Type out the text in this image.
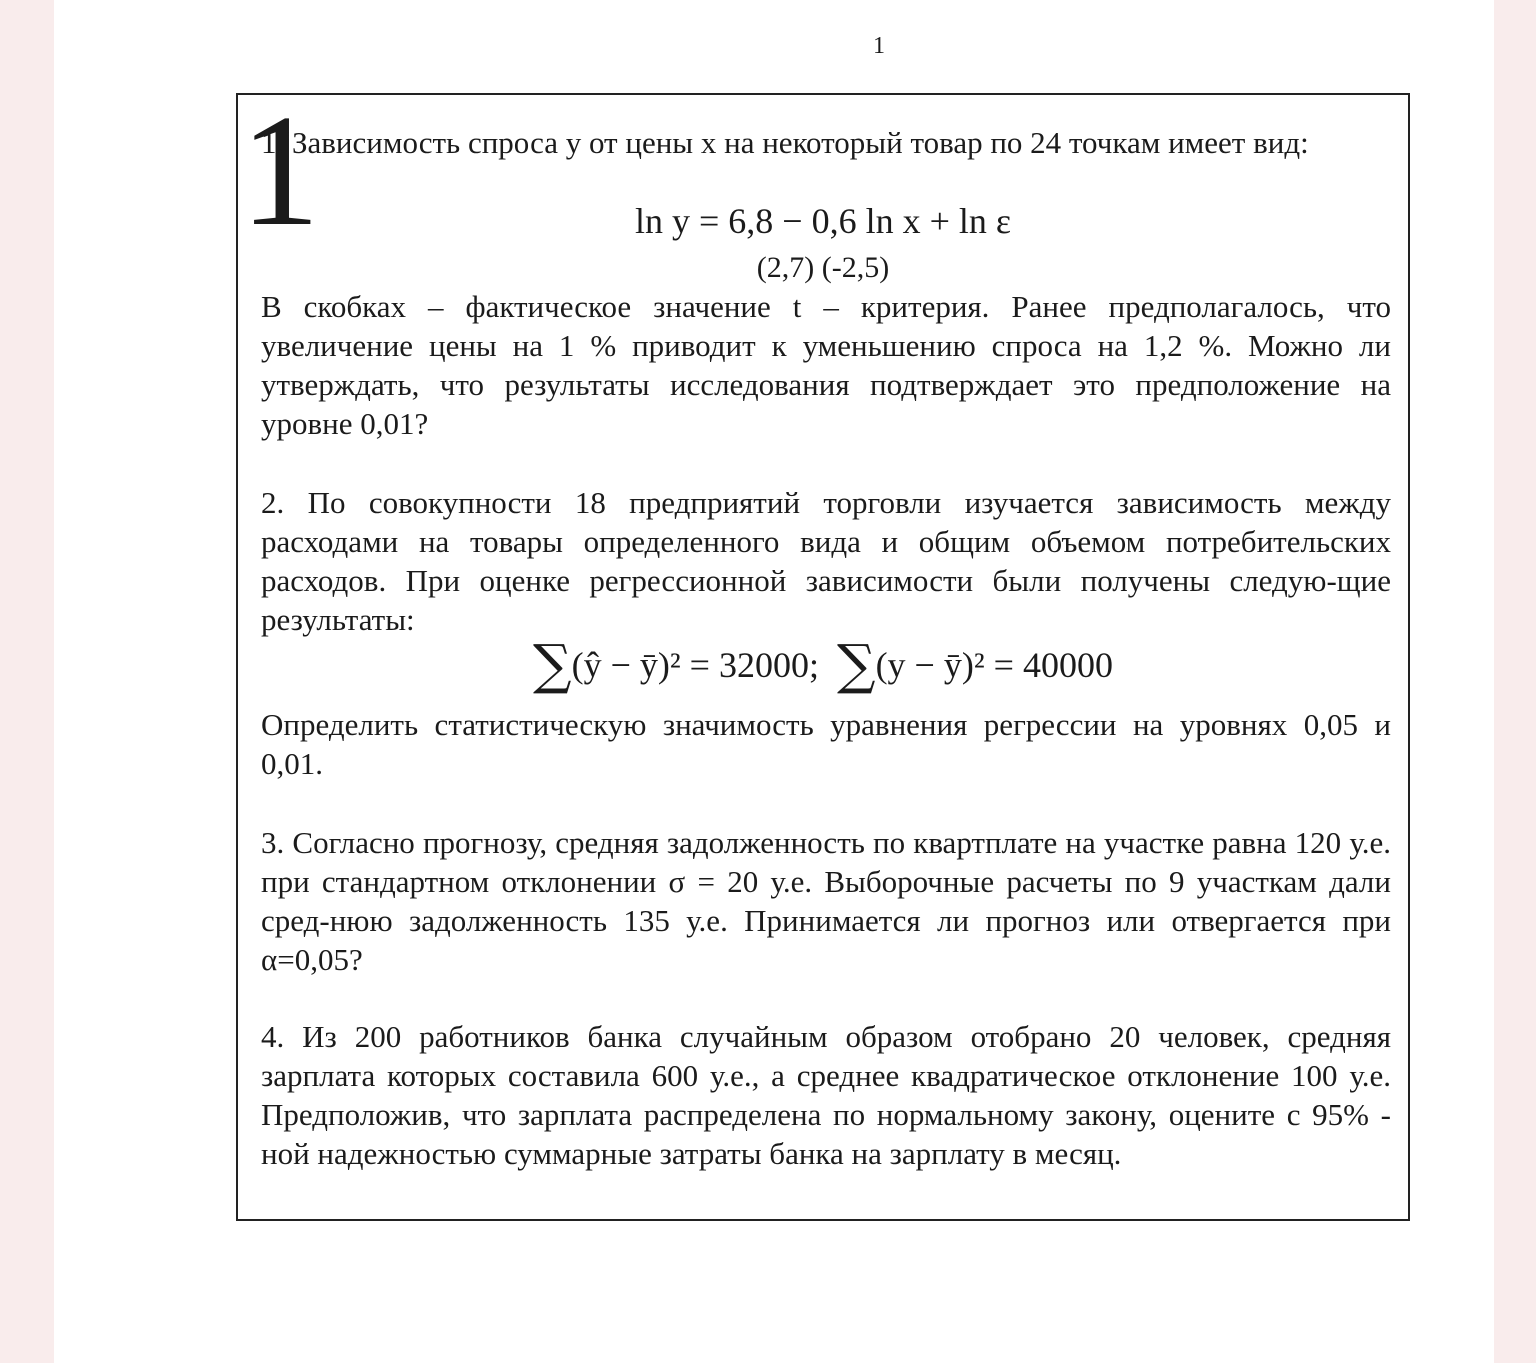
1
1

1. Зависимость спроса y от цены x на некоторый товар по 24 точкам имеет вид:

ln y = 6,8 − 0,6 ln x + ln ε
(2,7) (-2,5)

В скобках – фактическое значение t – критерия. Ранее предполагалось, что увеличение цены на 1 % приводит к уменьшению спроса на 1,2 %. Можно ли утверждать, что результаты исследования подтверждает это предположение на уровне 0,01?

2. По совокупности 18 предприятий торговли изучается зависимость между расходами на товары определенного вида и общим объемом потребительских расходов. При оценке регрессионной зависимости были получены следую-щие результаты:

∑(ŷ − ȳ)² = 32000; ∑(y − ȳ)² = 40000

Определить статистическую значимость уравнения регрессии на уровнях 0,05 и 0,01.

3. Согласно прогнозу, средняя задолженность по квартплате на участке равна 120 у.е. при стандартном отклонении σ = 20 у.е. Выборочные расчеты по 9 участкам дали сред-нюю задолженность 135 у.е. Принимается ли прогноз или отвергается при α=0,05?

4. Из 200 работников банка случайным образом отобрано 20 человек, средняя зарплата которых составила 600 у.е., а среднее квадратическое отклонение 100 у.е. Предположив, что зарплата распределена по нормальному закону, оцените с 95% - ной надежностью суммарные затраты банка на зарплату в месяц.
